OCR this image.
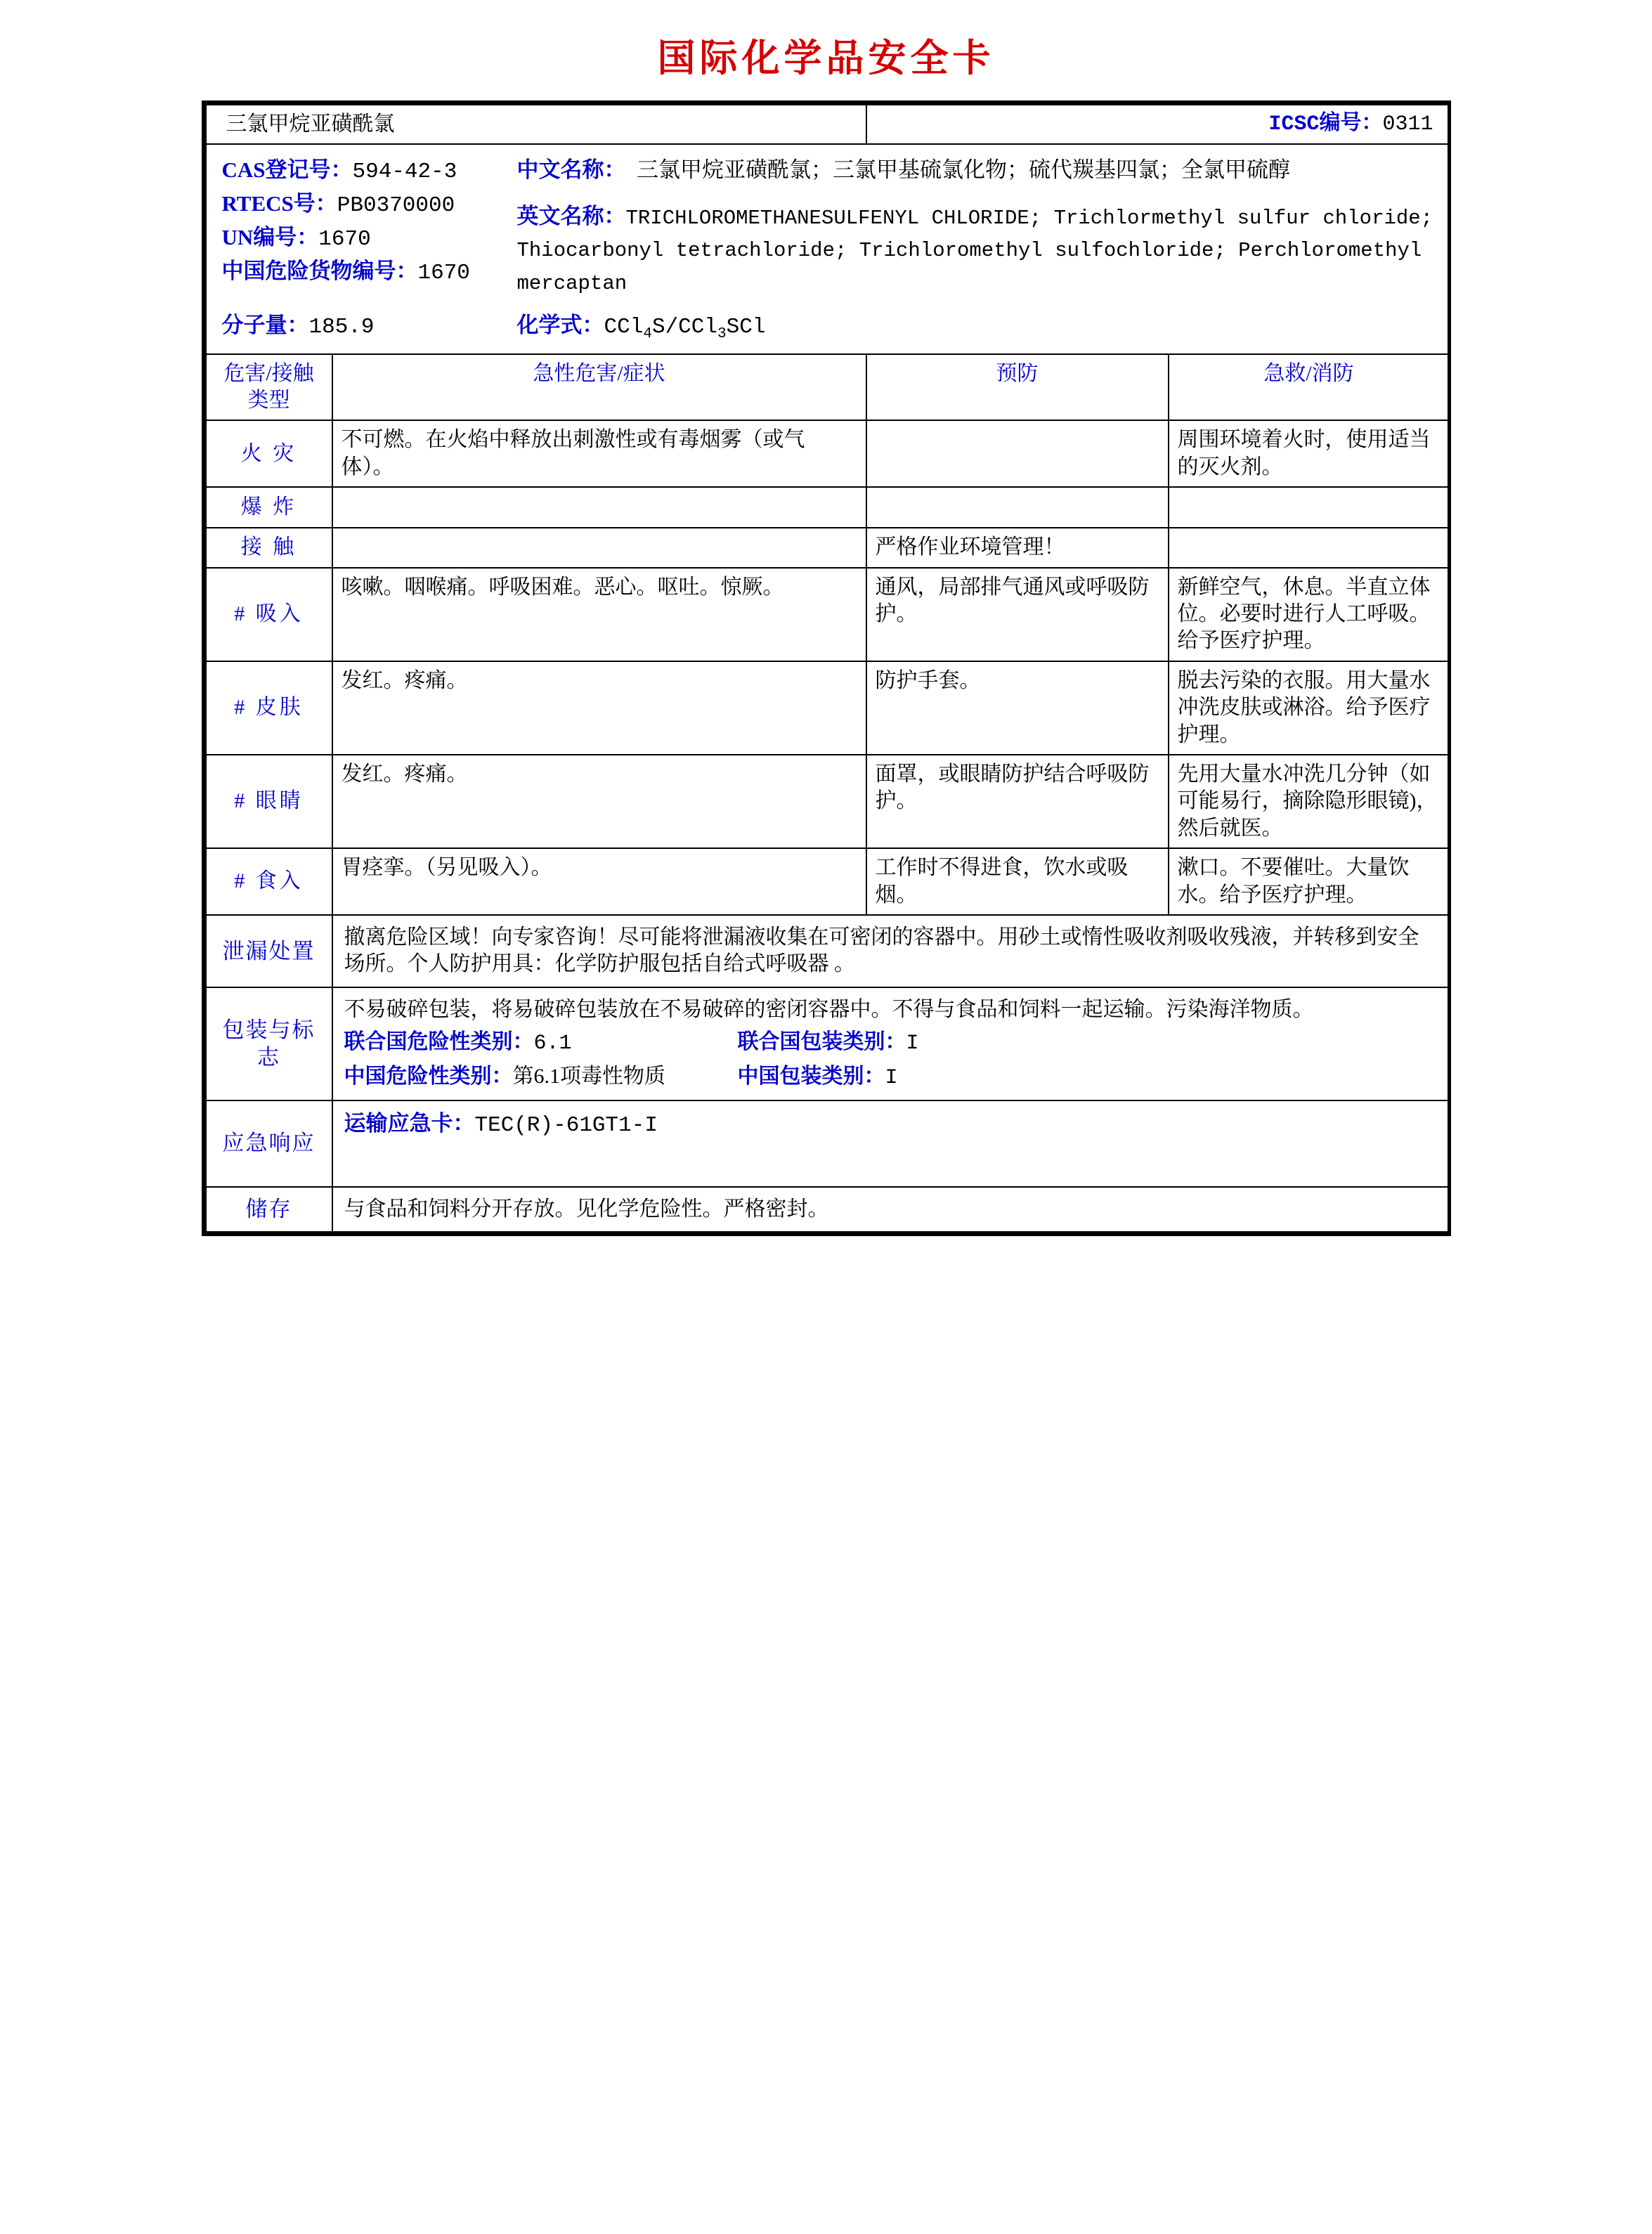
国际化学品安全卡
三氯甲烷亚磺酰氯		ICSC编号：0311	

CAS登记号：594-42-3
RTECS号：PB0370000
UN编号：1670
中国危险货物编号：1670
中文名称： 三氯甲烷亚磺酰氯；三氯甲基硫氯化物；硫代羰基四氯；全氯甲硫醇
英文名称：TRICHLOROMETHANESULFENYL CHLORIDE; Trichlormethyl sulfur chloride; Thiocarbonyl tetrachloride; Trichloromethyl sulfochloride; Perchloromethyl mercaptan
分子量：185.9	化学式：CCl$_4$S/CCl$_3$SCl

危害/接触
类型	急性危害/症状	预防	急救/消防
火 灾	不可燃。在火焰中释放出刺激性或有毒烟雾（或气体）。		周围环境着火时，使用适当的灭火剂。
爆 炸			
接 触		严格作业环境管理！	
# 吸入	咳嗽。咽喉痛。呼吸困难。恶心。呕吐。惊厥。	通风，局部排气通风或呼吸防护。	新鲜空气，休息。半直立体位。必要时进行人工呼吸。给予医疗护理。
# 皮肤	发红。疼痛。	防护手套。	脱去污染的衣服。用大量水冲洗皮肤或淋浴。给予医疗护理。
# 眼睛	发红。疼痛。	面罩，或眼睛防护结合呼吸防护。	先用大量水冲洗几分钟（如可能易行，摘除隐形眼镜)，然后就医。
# 食入	胃痉挛。（另见吸入）。	工作时不得进食，饮水或吸烟。	漱口。不要催吐。大量饮水。给予医疗护理。
泄漏处置	撤离危险区域！向专家咨询！尽可能将泄漏液收集在可密闭的容器中。用砂土或惰性吸收剂吸收残液，并转移到安全场所。个人防护用具：化学防护服包括自给式呼吸器 。		
包装与标志	不易破碎包装，将易破碎包装放在不易破碎的密闭容器中。不得与食品和饲料一起运输。污染海洋物质。
联合国危险性类别：6.1 联合国包装类别：I
中国危险性类别：第6.1项毒性物质 中国包装类别：I		

应急响应	运输应急卡：TEC(R)-61GT1-I		

储存	与食品和饲料分开存放。见化学危险性。严格密封。		
